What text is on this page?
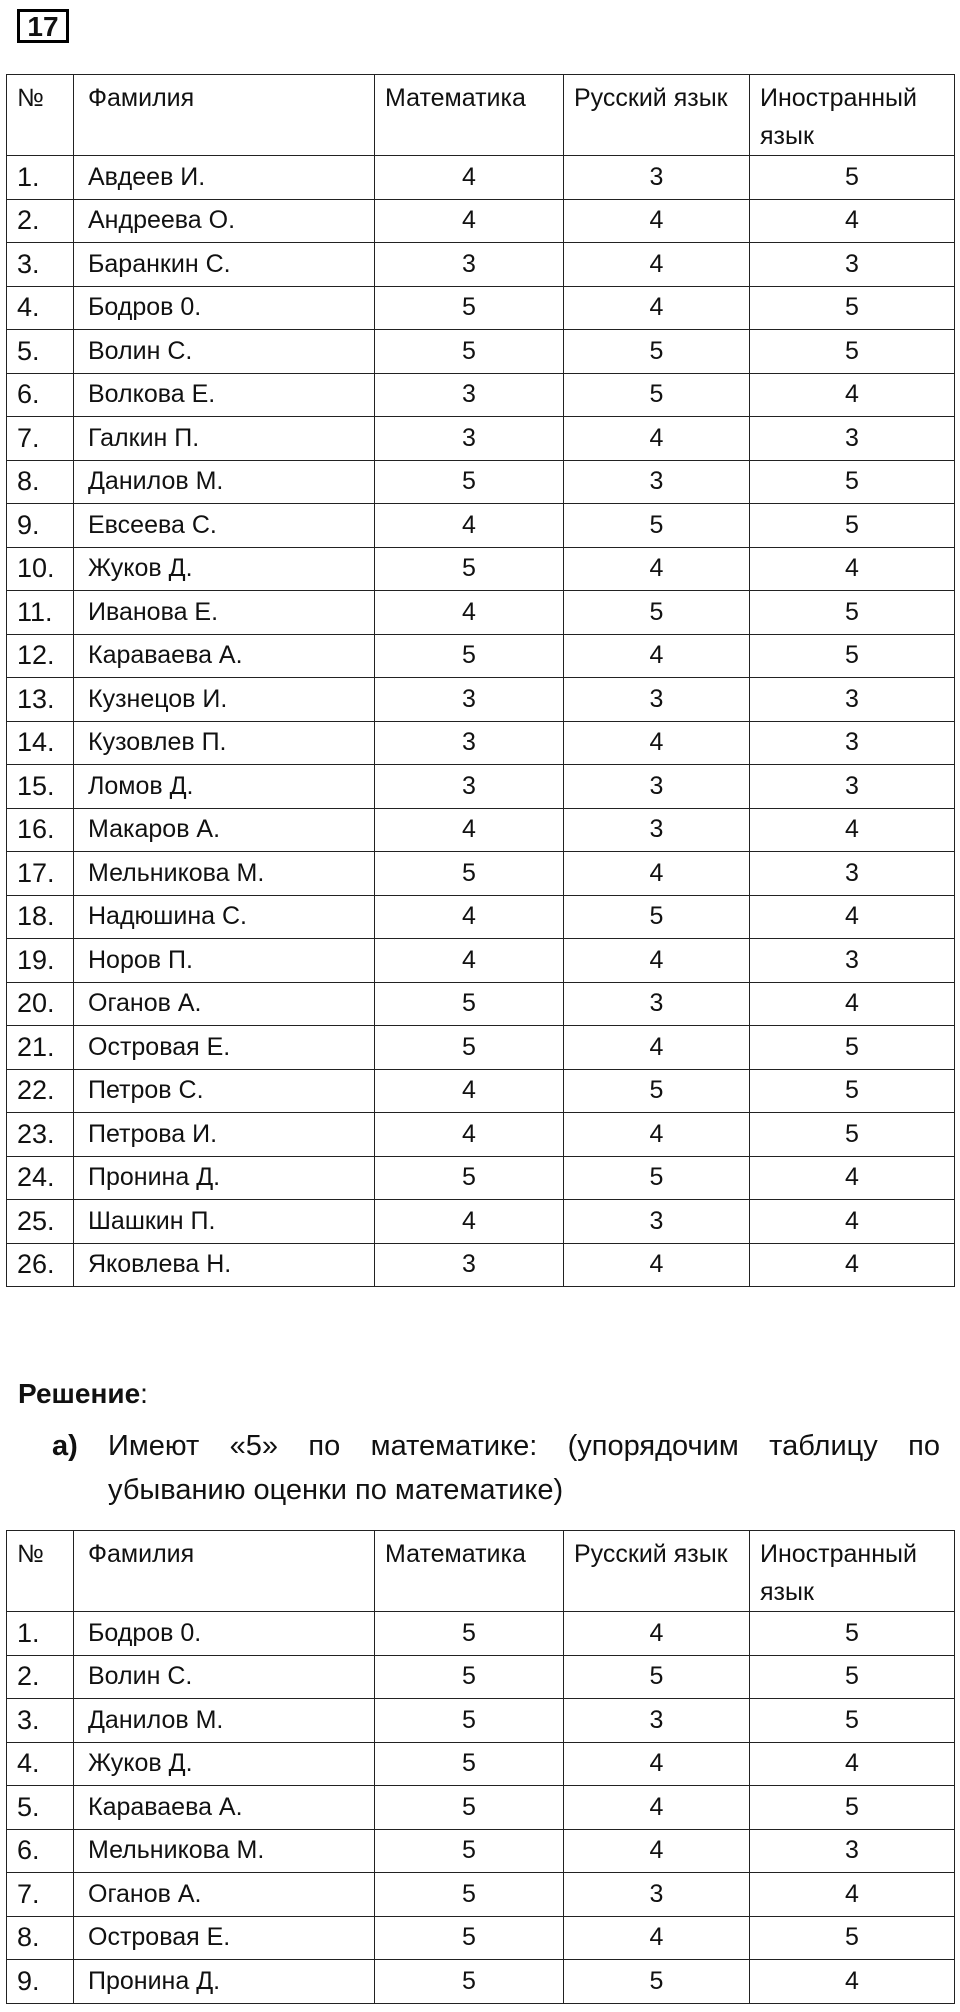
17
№	Фамилия	Математика	Русский язык	Иностранный язык
1.	Авдеев И.	4	3	5
2.	Андреева О.	4	4	4
3.	Баранкин С.	3	4	3
4.	Бодров 0.	5	4	5
5.	Волин С.	5	5	5
6.	Волкова Е.	3	5	4
7.	Галкин П.	3	4	3
8.	Данилов М.	5	3	5
9.	Евсеева С.	4	5	5
10.	Жуков Д.	5	4	4
11.	Иванова Е.	4	5	5
12.	Караваева А.	5	4	5
13.	Кузнецов И.	3	3	3
14.	Кузовлев П.	3	4	3
15.	Ломов Д.	3	3	3
16.	Макаров А.	4	3	4
17.	Мельникова М.	5	4	3
18.	Надюшина С.	4	5	4
19.	Норов П.	4	4	3
20.	Оганов А.	5	3	4
21.	Островая Е.	5	4	5
22.	Петров С.	4	5	5
23.	Петрова И.	4	4	5
24.	Пронина Д.	5	5	4
25.	Шашкин П.	4	3	4
26.	Яковлева Н.	3	4	4
Решение:
а) Имеют «5» по математике: (упорядочим таблицу по убыванию оценки по математике)
№	Фамилия	Математика	Русский язык	Иностранный язык
1.	Бодров 0.	5	4	5
2.	Волин С.	5	5	5
3.	Данилов М.	5	3	5
4.	Жуков Д.	5	4	4
5.	Караваева А.	5	4	5
6.	Мельникова М.	5	4	3
7.	Оганов А.	5	3	4
8.	Островая Е.	5	4	5
9.	Пронина Д.	5	5	4
